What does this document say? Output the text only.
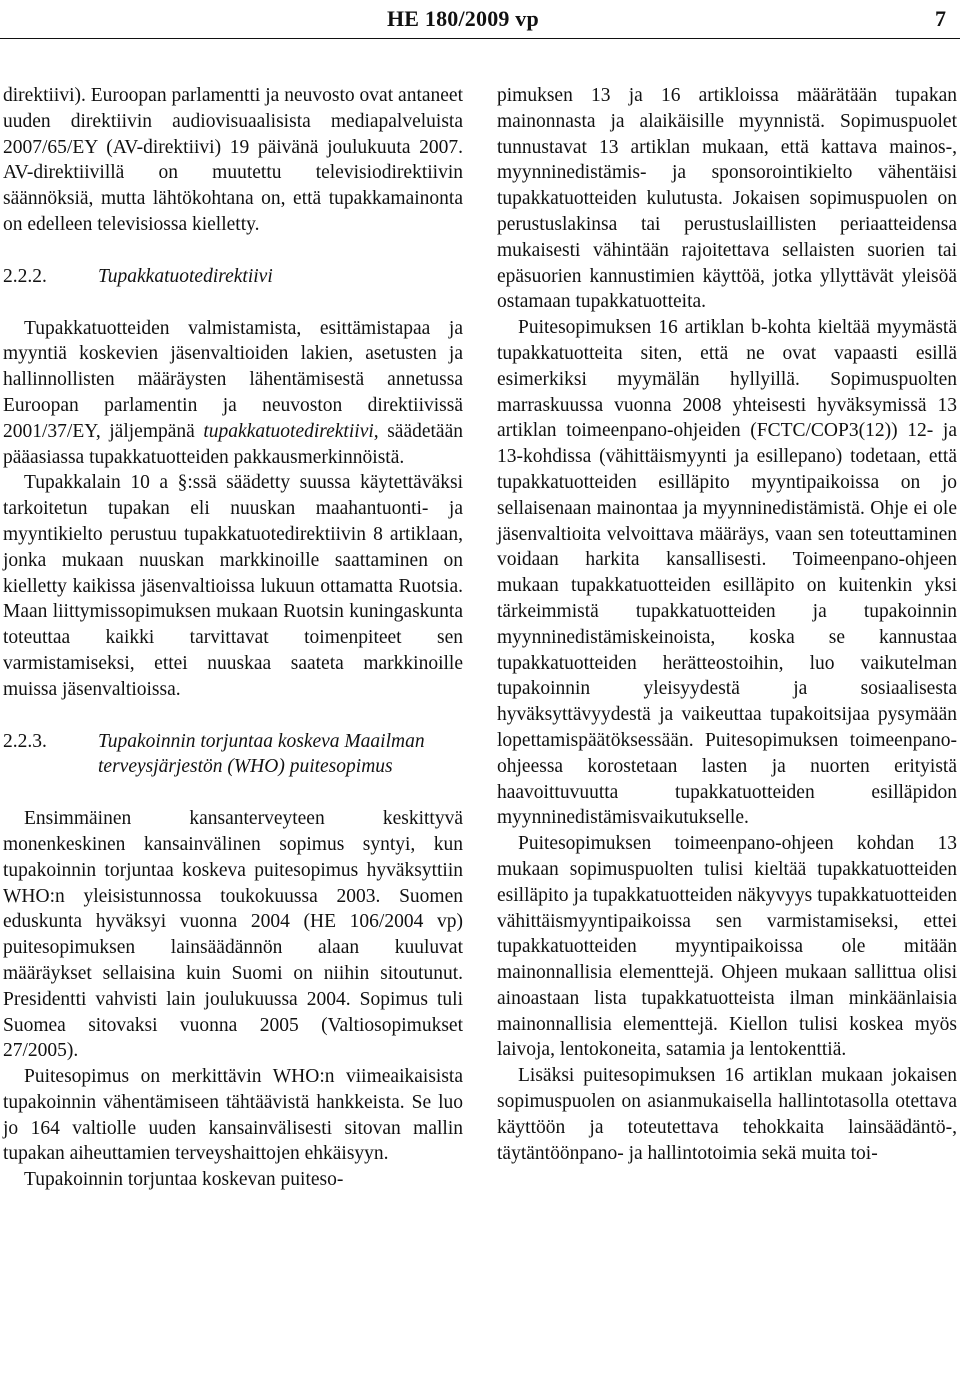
HE 180/2009 vp	7

direktiivi). Euroopan parlamentti ja neuvosto ovat antaneet uuden direktiivin audiovisuaalisista mediapalveluista 2007/65/EY (AV-direktiivi) 19 päivänä joulukuuta 2007. AV-direktiivillä on muutettu televisiodirektiivin säännöksiä, mutta lähtökohtana on, että tupakkamainonta on edelleen televisiossa kielletty.

2.2.2.	Tupakkatuotedirektiivi

Tupakkatuotteiden valmistamista, esittämistapaa ja myyntiä koskevien jäsenvaltioiden lakien, asetusten ja hallinnollisten määräysten lähentämisestä annetussa Euroopan parlamentin ja neuvoston direktiivissä 2001/37/EY, jäljempänä tupakkatuotedirektiivi, säädetään pääasiassa tupakkatuotteiden pakkausmerkinnöistä.

Tupakkalain 10 a §:ssä säädetty suussa käytettäväksi tarkoitetun tupakan eli nuuskan maahantuonti- ja myyntikielto perustuu tupakkatuotedirektiivin 8 artiklaan, jonka mukaan nuuskan markkinoille saattaminen on kielletty kaikissa jäsenvaltioissa lukuun ottamatta Ruotsia. Maan liittymissopimuksen mukaan Ruotsin kuningaskunta toteuttaa kaikki tarvittavat toimenpiteet sen varmistamiseksi, ettei nuuskaa saateta markkinoille muissa jäsenvaltioissa.

2.2.3.	Tupakoinnin torjuntaa koskeva Maailman terveysjärjestön (WHO) puitesopimus

Ensimmäinen kansanterveyteen keskittyvä monenkeskinen kansainvälinen sopimus syntyi, kun tupakoinnin torjuntaa koskeva puitesopimus hyväksyttiin WHO:n yleisistunnossa toukokuussa 2003. Suomen eduskunta hyväksyi vuonna 2004 (HE 106/2004 vp) puitesopimuksen lainsäädännön alaan kuuluvat määräykset sellaisina kuin Suomi on niihin sitoutunut. Presidentti vahvisti lain joulukuussa 2004. Sopimus tuli Suomea sitovaksi vuonna 2005 (Valtiosopimukset 27/2005).

Puitesopimus on merkittävin WHO:n viimeaikaisista tupakoinnin vähentämiseen tähtäävistä hankkeista. Se luo jo 164 valtiolle uuden kansainvälisesti sitovan mallin tupakan aiheuttamien terveyshaittojen ehkäisyyn.

Tupakoinnin torjuntaa koskevan puiteso-

pimuksen 13 ja 16 artikloissa määrätään tupakan mainonnasta ja alaikäisille myynnistä. Sopimuspuolet tunnustavat 13 artiklan mukaan, että kattava mainos-, myynninedistämis- ja sponsorointikielto vähentäisi tupakkatuotteiden kulutusta. Jokaisen sopimuspuolen on perustuslakinsa tai perustuslaillisten periaatteidensa mukaisesti vähintään rajoitettava sellaisten suorien tai epäsuorien kannustimien käyttöä, jotka yllyttävät yleisöä ostamaan tupakkatuotteita.

Puitesopimuksen 16 artiklan b-kohta kieltää myymästä tupakkatuotteita siten, että ne ovat vapaasti esillä esimerkiksi myymälän hyllyillä. Sopimuspuolten marraskuussa vuonna 2008 yhteisesti hyväksymissä 13 artiklan toimeenpano-ohjeiden (FCTC/COP3(12)) 12- ja 13-kohdissa (vähittäismyynti ja esillepano) todetaan, että tupakkatuotteiden esilläpito myyntipaikoissa on jo sellaisenaan mainontaa ja myynninedistämistä. Ohje ei ole jäsenvaltioita velvoittava määräys, vaan sen toteuttaminen voidaan harkita kansallisesti. Toimeenpano-ohjeen mukaan tupakkatuotteiden esilläpito on kuitenkin yksi tärkeimmistä tupakkatuotteiden ja tupakoinnin myynninedistämiskeinoista, koska se kannustaa tupakkatuotteiden herätteostoihin, luo vaikutelman tupakoinnin yleisyydestä ja sosiaalisesta hyväksyttävyydestä ja vaikeuttaa tupakoitsijaa pysymään lopettamispäätöksessään. Puitesopimuksen toimeenpano-ohjeessa korostetaan lasten ja nuorten erityistä haavoittuvuutta tupakkatuotteiden esilläpidon myynninedistämisvaikutukselle.

Puitesopimuksen toimeenpano-ohjeen kohdan 13 mukaan sopimuspuolten tulisi kieltää tupakkatuotteiden esilläpito ja tupakkatuotteiden näkyvyys tupakkatuotteiden vähittäismyyntipaikoissa sen varmistamiseksi, ettei tupakkatuotteiden myyntipaikoissa ole mitään mainonnallisia elementtejä. Ohjeen mukaan sallittua olisi ainoastaan lista tupakkatuotteista ilman minkäänlaisia mainonnallisia elementtejä. Kiellon tulisi koskea myös laivoja, lentokoneita, satamia ja lentokenttiä.

Lisäksi puitesopimuksen 16 artiklan mukaan jokaisen sopimuspuolen on asianmukaisella hallintotasolla otettava käyttöön ja toteutettava tehokkaita lainsäädäntö-, täytäntöönpano- ja hallintotoimia sekä muita toi-
